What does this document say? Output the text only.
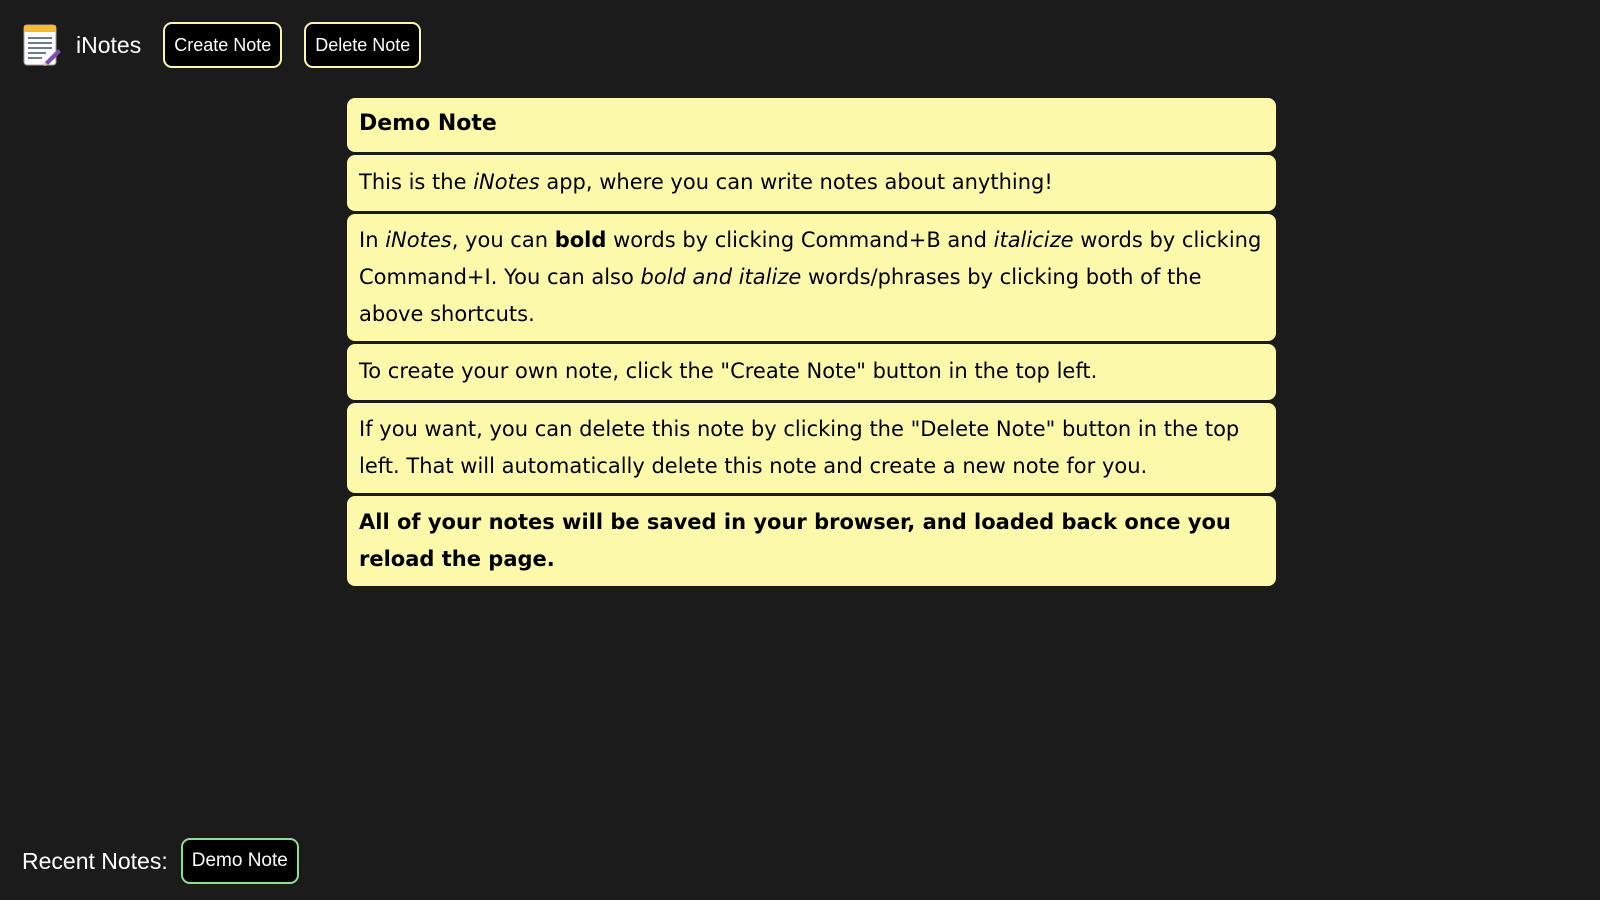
iNotes	Create Note	Delete Note
Demo Note
This is the iNotes app, where you can write notes about anything!
In iNotes, you can bold words by clicking Command+B and italicize words by clicking Command+I. You can also bold and italize words/phrases by clicking both of the above shortcuts.
To create your own note, click the "Create Note" button in the top left.
If you want, you can delete this note by clicking the "Delete Note" button in the top left. That will automatically delete this note and create a new note for you.
All of your notes will be saved in your browser, and loaded back once you reload the page.
Recent Notes:	Demo Note
